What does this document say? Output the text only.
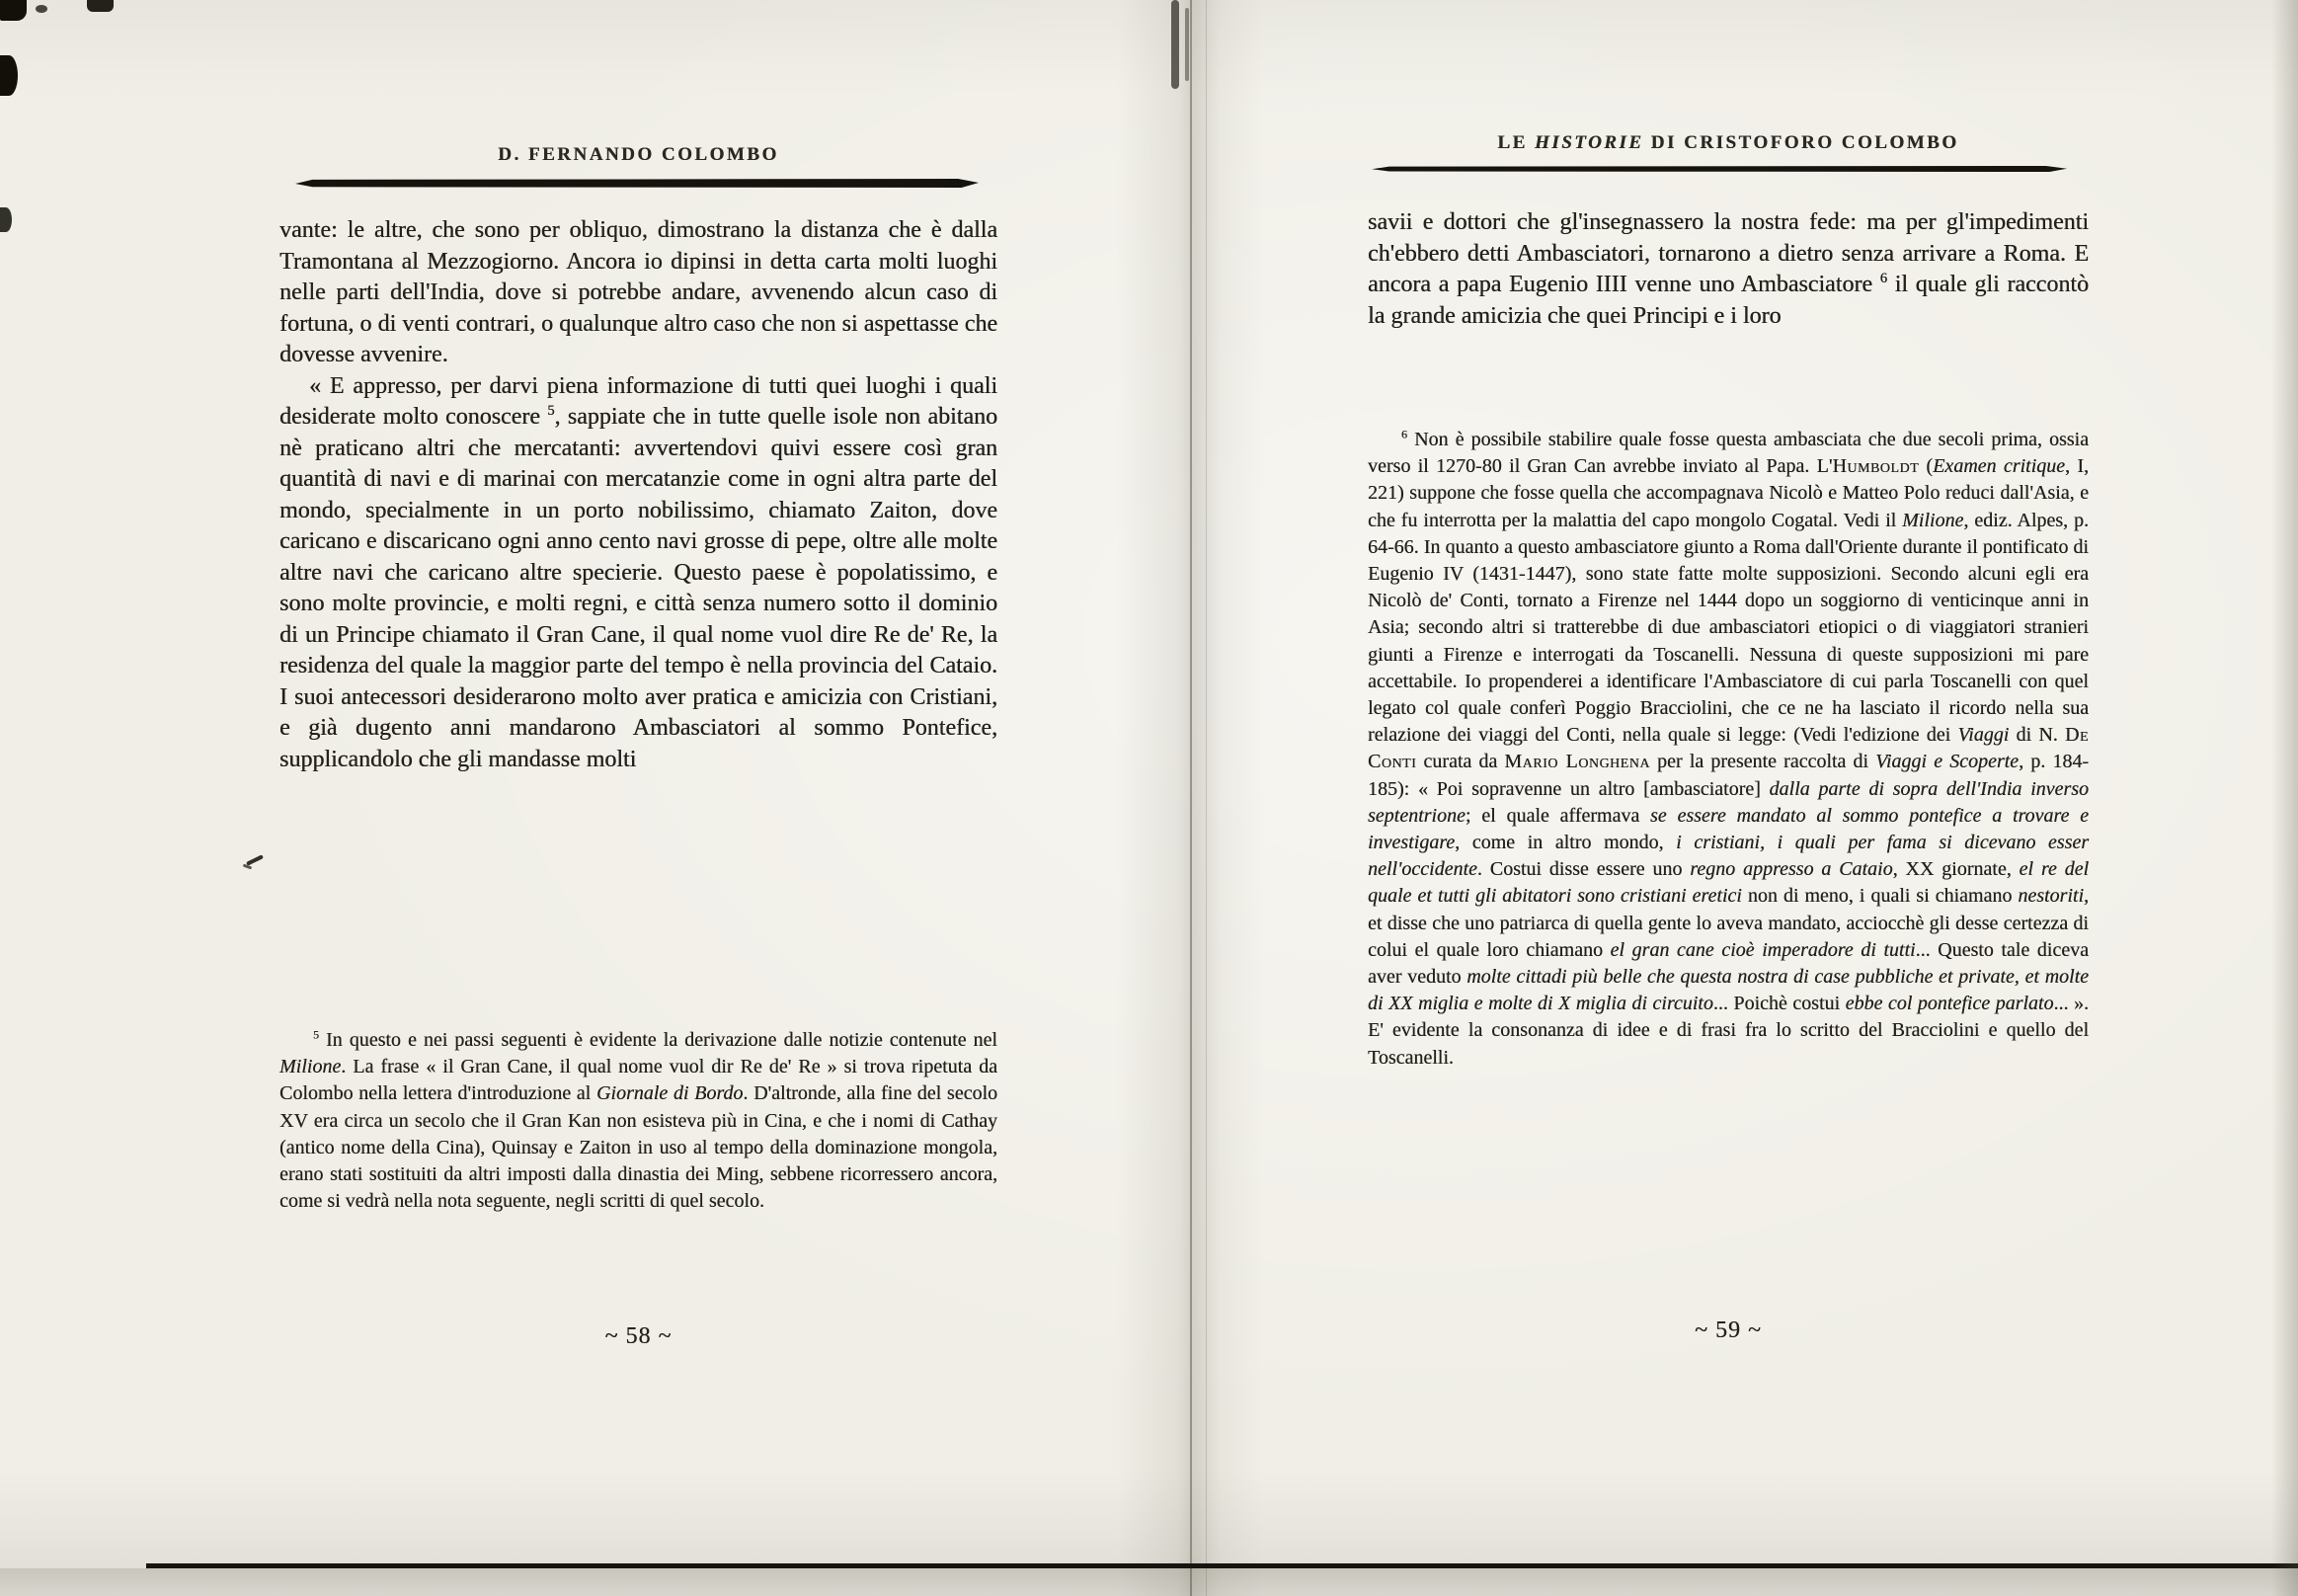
D. FERNANDO COLOMBO

vante: le altre, che sono per obliquo, dimostrano la distanza che è dalla Tramontana al Mezzogiorno. Ancora io dipinsi in detta carta molti luoghi nelle parti dell'India, dove si potrebbe andare, avvenendo alcun caso di fortuna, o di venti contrari, o qualunque altro caso che non si aspettasse che dovesse avvenire.

« E appresso, per darvi piena informazione di tutti quei luoghi i quali desiderate molto conoscere $^5$, sappiate che in tutte quelle isole non abitano nè praticano altri che mercatanti: avvertendovi quivi essere così gran quantità di navi e di marinai con mercatanzie come in ogni altra parte del mondo, specialmente in un porto nobilissimo, chiamato Zaiton, dove caricano e discaricano ogni anno cento navi grosse di pepe, oltre alle molte altre navi che caricano altre specierie. Questo paese è popolatissimo, e sono molte provincie, e molti regni, e città senza numero sotto il dominio di un Principe chiamato il Gran Cane, il qual nome vuol dire Re de' Re, la residenza del quale la maggior parte del tempo è nella provincia del Cataio. I suoi antecessori desiderarono molto aver pratica e amicizia con Cristiani, e già dugento anni mandarono Ambasciatori al sommo Pontefice, supplicandolo che gli mandasse molti

$^5$ In questo e nei passi seguenti è evidente la derivazione dalle notizie contenute nel Milione. La frase « il Gran Cane, il qual nome vuol dir Re de' Re » si trova ripetuta da Colombo nella lettera d'introduzione al Giornale di Bordo. D'altronde, alla fine del secolo XV era circa un secolo che il Gran Kan non esisteva più in Cina, e che i nomi di Cathay (antico nome della Cina), Quinsay e Zaiton in uso al tempo della dominazione mongola, erano stati sostituiti da altri imposti dalla dinastia dei Ming, sebbene ricorressero ancora, come si vedrà nella nota seguente, negli scritti di quel secolo.
~ 58 ~
LE HISTORIE DI CRISTOFORO COLOMBO

savii e dottori che gl'insegnassero la nostra fede: ma per gl'impedimenti ch'ebbero detti Ambasciatori, tornarono a dietro senza arrivare a Roma. E ancora a papa Eugenio IIII venne uno Ambasciatore $^6$ il quale gli raccontò la grande amicizia che quei Principi e i loro

$^6$ Non è possibile stabilire quale fosse questa ambasciata che due secoli prima, ossia verso il 1270-80 il Gran Can avrebbe inviato al Papa. L'Humboldt (Examen critique, I, 221) suppone che fosse quella che accompagnava Nicolò e Matteo Polo reduci dall'Asia, e che fu interrotta per la malattia del capo mongolo Cogatal. Vedi il Milione, ediz. Alpes, p. 64-66. In quanto a questo ambasciatore giunto a Roma dall'Oriente durante il pontificato di Eugenio IV (1431-1447), sono state fatte molte supposizioni. Secondo alcuni egli era Nicolò de' Conti, tornato a Firenze nel 1444 dopo un soggiorno di venticinque anni in Asia; secondo altri si tratterebbe di due ambasciatori etiopici o di viaggiatori stranieri giunti a Firenze e interrogati da Toscanelli. Nessuna di queste supposizioni mi pare accettabile. Io propenderei a identificare l'Ambasciatore di cui parla Toscanelli con quel legato col quale conferì Poggio Bracciolini, che ce ne ha lasciato il ricordo nella sua relazione dei viaggi del Conti, nella quale si legge: (Vedi l'edizione dei Viaggi di N. De Conti curata da Mario Longhena per la presente raccolta di Viaggi e Scoperte, p. 184-185): « Poi sopravenne un altro [ambasciatore] dalla parte di sopra dell'India inverso septentrione; el quale affermava se essere mandato al sommo pontefice a trovare e investigare, come in altro mondo, i cristiani, i quali per fama si dicevano esser nell'occidente. Costui disse essere uno regno appresso a Cataio, XX giornate, el re del quale et tutti gli abitatori sono cristiani eretici non di meno, i quali si chiamano nestoriti, et disse che uno patriarca di quella gente lo aveva mandato, acciocchè gli desse certezza di colui el quale loro chiamano el gran cane cioè imperadore di tutti... Questo tale diceva aver veduto molte cittadi più belle che questa nostra di case pubbliche et private, et molte di XX miglia e molte di X miglia di circuito... Poichè costui ebbe col pontefice parlato... ». E' evidente la consonanza di idee e di frasi fra lo scritto del Bracciolini e quello del Toscanelli.
~ 59 ~
